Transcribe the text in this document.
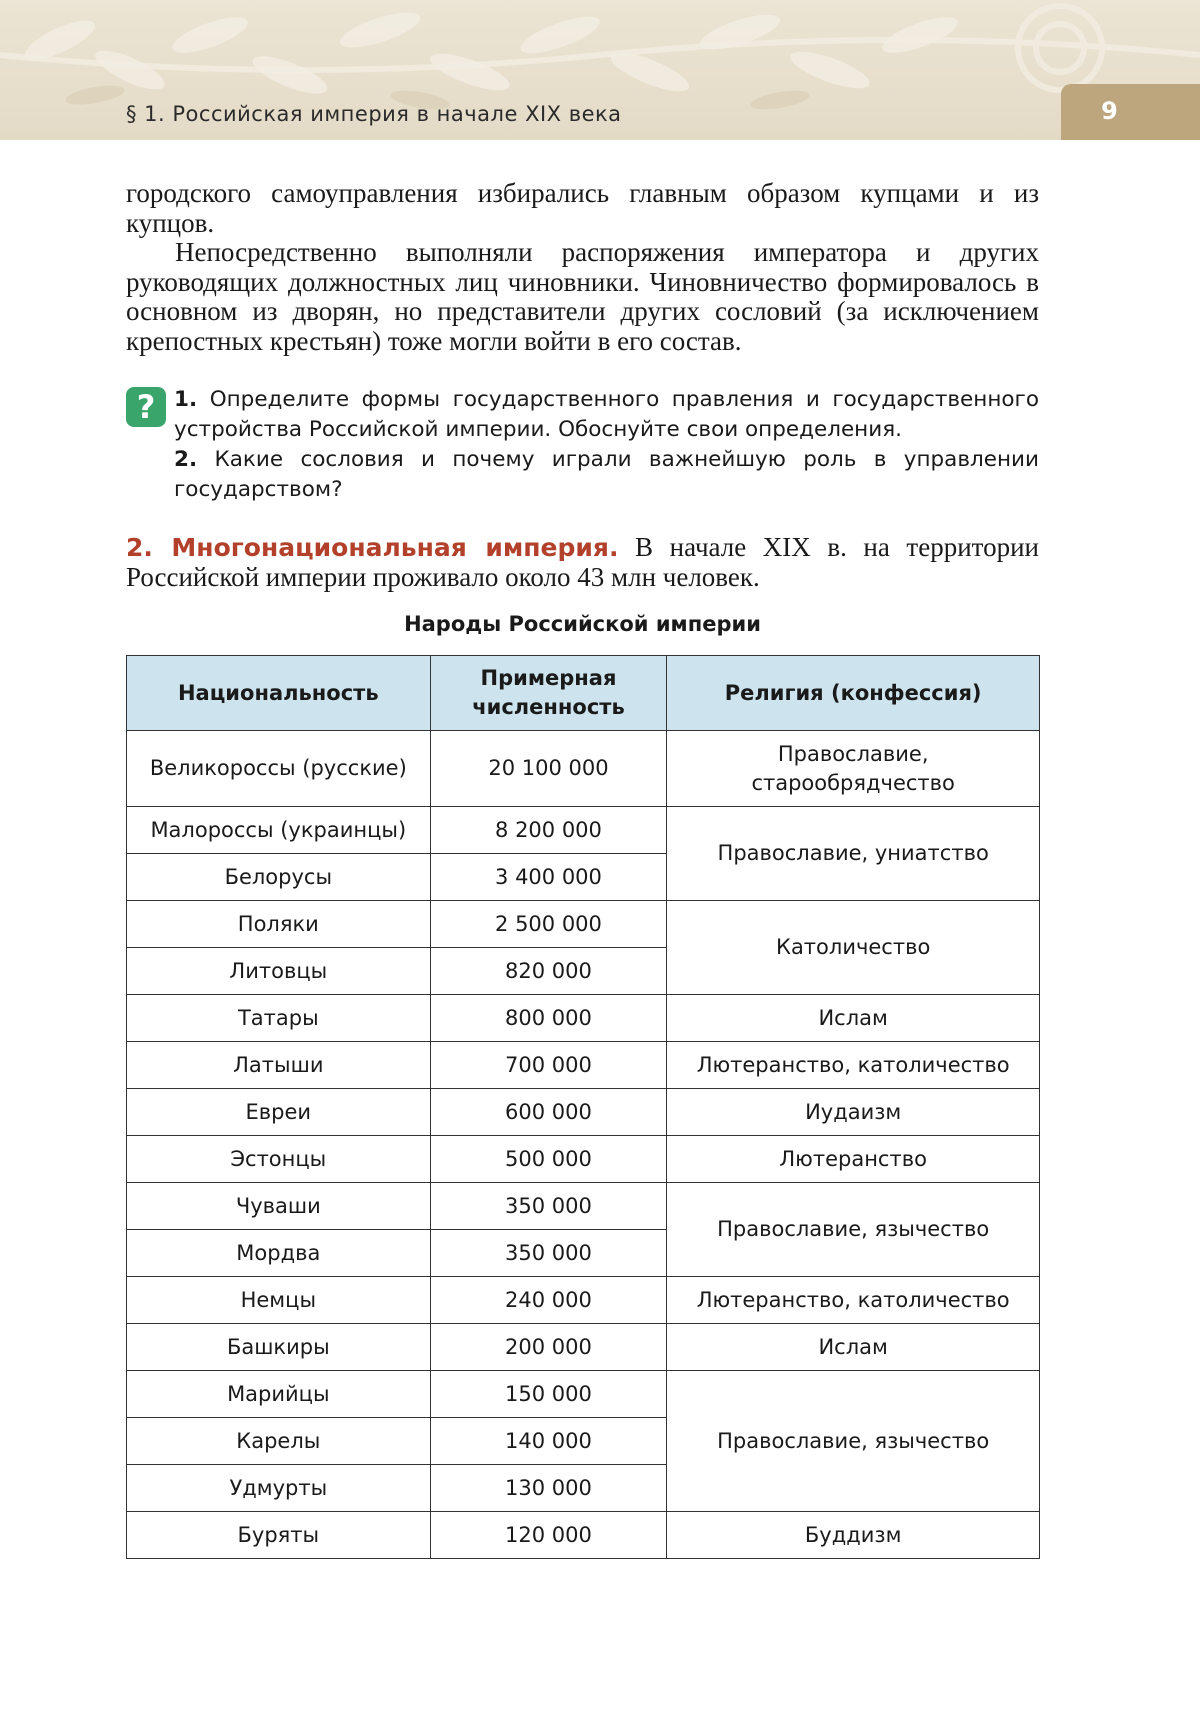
§ 1. Российская империя в начале XIX века	9
городского самоуправления избирались главным образом купцами и из купцов.
Непосредственно выполняли распоряжения императора и других руководящих должностных лиц чиновники. Чиновничество формировалось в основном из дворян, но представители других сословий (за исключением крепостных крестьян) тоже могли войти в его состав.
? 1. Определите формы государственного правления и государственного устройства Российской империи. Обоснуйте свои определения.
2. Какие сословия и почему играли важнейшую роль в управлении государством?
2. Многонациональная империя. В начале XIX в. на территории Российской империи проживало около 43 млн человек.
Народы Российской империи
Национальность	Примерная численность	Религия (конфессия)
Великороссы (русские)	20 100 000	Православие, старообрядчество
Малороссы (украинцы)	8 200 000	Православие, униатство
Белорусы	3 400 000	
Поляки	2 500 000	Католичество
Литовцы	820 000	
Татары	800 000	Ислам
Латыши	700 000	Лютеранство, католичество
Евреи	600 000	Иудаизм
Эстонцы	500 000	Лютеранство
Чуваши	350 000	Православие, язычество
Мордва	350 000	
Немцы	240 000	Лютеранство, католичество
Башкиры	200 000	Ислам
Марийцы	150 000	Православие, язычество
Карелы	140 000	
Удмурты	130 000	
Буряты	120 000	Буддизм
